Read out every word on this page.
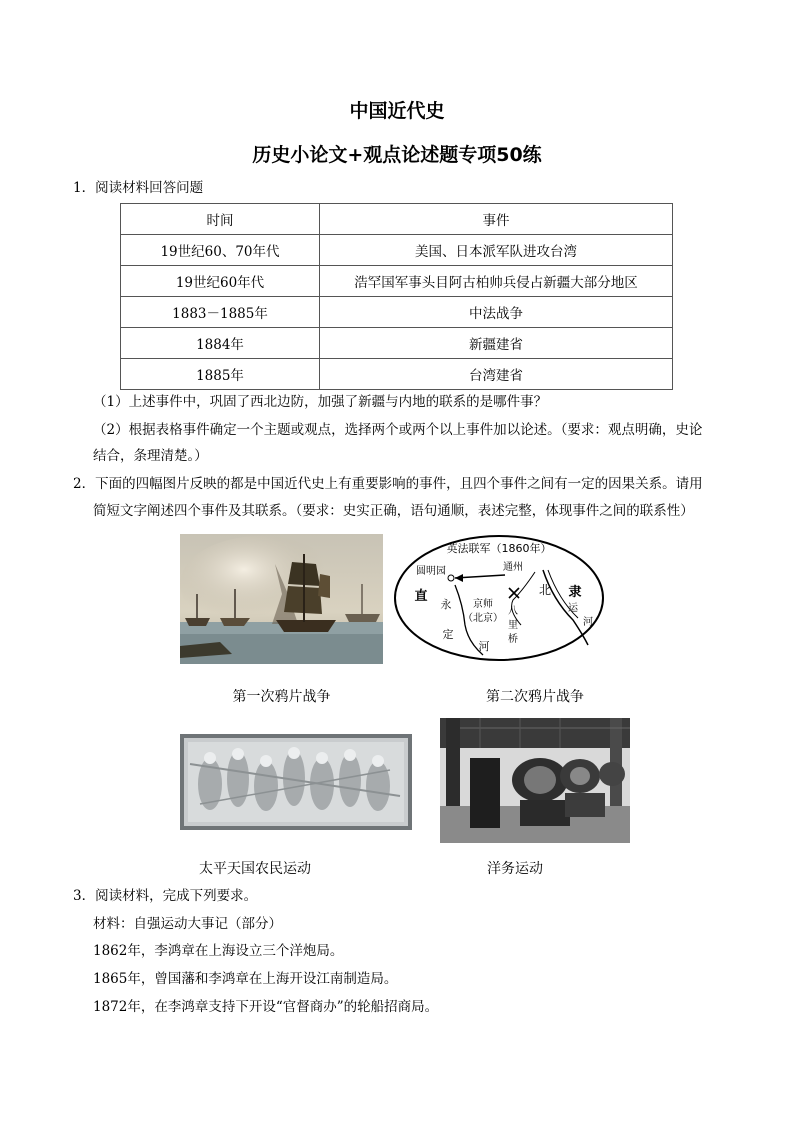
中国近代史
历史小论文+观点论述题专项50练
1．阅读材料回答问题
时间	事件
19世纪60、70年代	美国、日本派军队进攻台湾
19世纪60年代	浩罕国军事头目阿古柏帅兵侵占新疆大部分地区
1883－1885年	中法战争
1884年	新疆建省
1885年	台湾建省
（1）上述事件中，巩固了西北边防，加强了新疆与内地的联系的是哪件事？
（2）根据表格事件确定一个主题或观点，选择两个或两个以上事件加以论述。（要求：观点明确，史论
结合，条理清楚。）
2．下面的四幅图片反映的都是中国近代史上有重要影响的事件，且四个事件之间有一定的因果关系。请用
简短文字阐述四个事件及其联系。（要求：史实正确，语句通顺，表述完整，体现事件之间的联系性）
英法联军（1860年）
圆明园	通州
北 隶
运
河
直
永
定
河
京师
（北京）
八
里
桥
第一次鸦片战争	第二次鸦片战争
太平天国农民运动	洋务运动
3．阅读材料，完成下列要求。
材料：自强运动大事记（部分）
1862年，李鸿章在上海设立三个洋炮局。
1865年，曾国藩和李鸿章在上海开设江南制造局。
1872年，在李鸿章支持下开设“官督商办”的轮船招商局。
